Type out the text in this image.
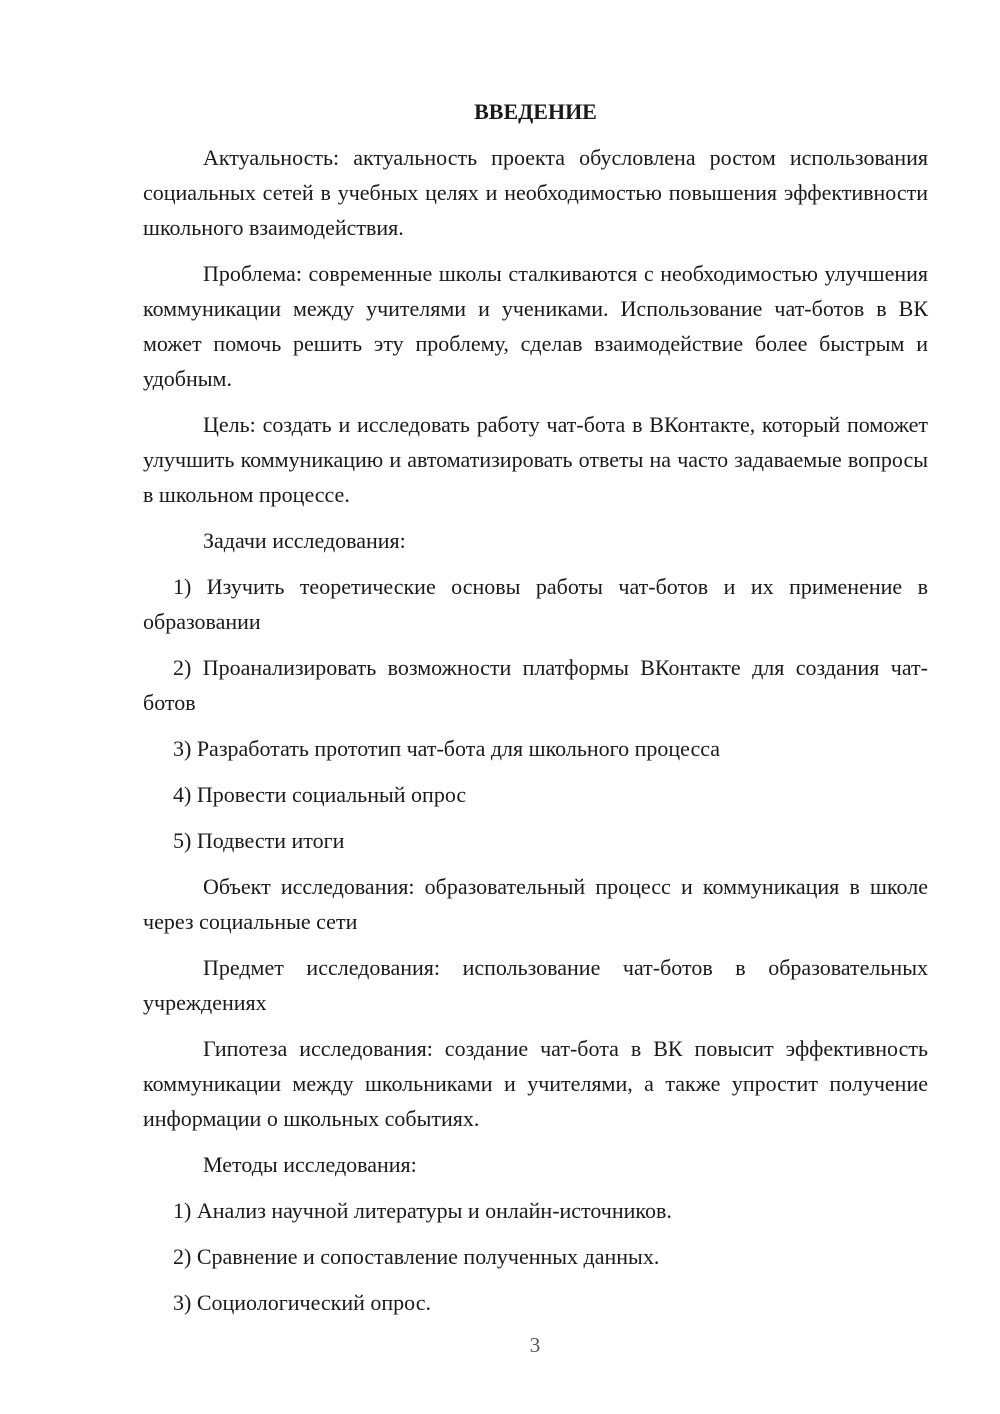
ВВЕДЕНИЕ

Актуальность: актуальность проекта обусловлена ростом использования социальных сетей в учебных целях и необходимостью повышения эффективности школьного взаимодействия.

Проблема: современные школы сталкиваются с необходимостью улучшения коммуникации между учителями и учениками. Использование чат-ботов в ВК может помочь решить эту проблему, сделав взаимодействие более быстрым и удобным.

Цель: создать и исследовать работу чат-бота в ВКонтакте, который поможет улучшить коммуникацию и автоматизировать ответы на часто задаваемые вопросы в школьном процессе.

Задачи исследования:

1) Изучить теоретические основы работы чат-ботов и их применение в образовании

2) Проанализировать возможности платформы ВКонтакте для создания чат-ботов

3) Разработать прототип чат-бота для школьного процесса

4) Провести социальный опрос

5) Подвести итоги

Объект исследования: образовательный процесс и коммуникация в школе через социальные сети

Предмет исследования: использование чат-ботов в образовательных учреждениях

Гипотеза исследования: создание чат-бота в ВК повысит эффективность коммуникации между школьниками и учителями, а также упростит получение информации о школьных событиях.

Методы исследования:

1) Анализ научной литературы и онлайн-источников.

2) Сравнение и сопоставление полученных данных.

3) Социологический опрос.

3
